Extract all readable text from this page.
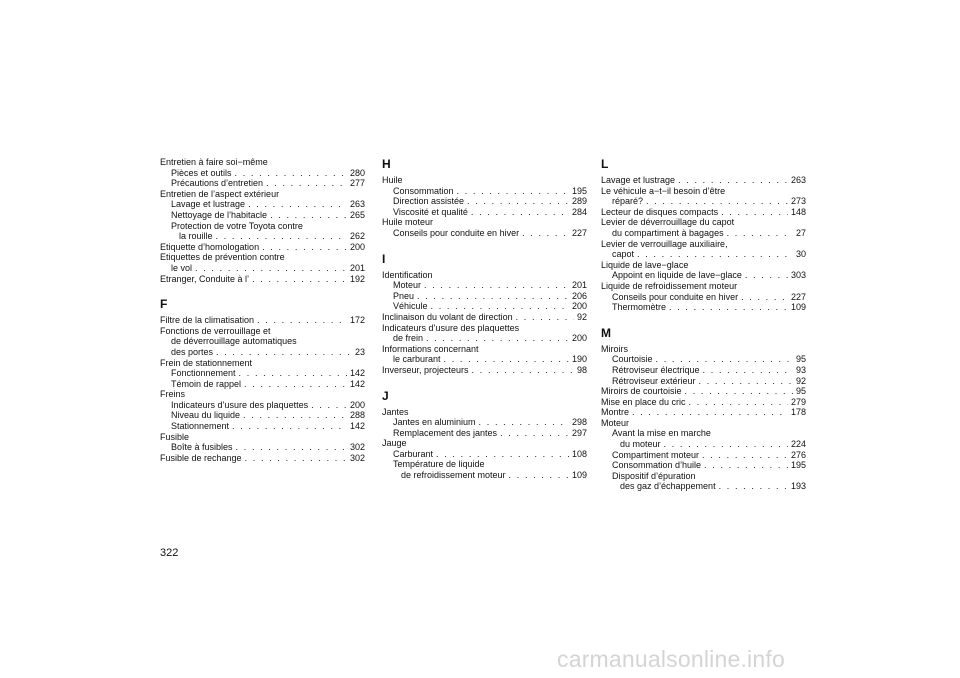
Entretien à faire soi−même
Pièces et outils . . .	280
Précautions d’entretien . . .	277
Entretien de l’aspect extérieur
Lavage et lustrage . . .	263
Nettoyage de l’habitacle . . .	265
Protection de votre Toyota contre
la rouille . . .	262
Etiquette d’homologation . . .	200
Etiquettes de prévention contre
le vol . . .	201
Etranger, Conduite à l’ . . .	192
F
Filtre de la climatisation . . .	172
Fonctions de verrouillage et
de déverrouillage automatiques
des portes . . .	23
Frein de stationnement
Fonctionnement . . .	142
Témoin de rappel . . .	142
Freins
Indicateurs d’usure des plaquettes . . .	200
Niveau du liquide . . .	288
Stationnement . . .	142
Fusible
Boîte à fusibles . . .	302
Fusible de rechange . . .	302
H
Huile
Consommation . . .	195
Direction assistée . . .	289
Viscosité et qualité . . .	284
Huile moteur
Conseils pour conduite en hiver . . .	227
I
Identification
Moteur . . .	201
Pneu . . .	206
Véhicule . . .	200
Inclinaison du volant de direction . . .	92
Indicateurs d’usure des plaquettes
de frein . . .	200
Informations concernant
le carburant . . .	190
Inverseur, projecteurs . . .	98
J
Jantes
Jantes en aluminium . . .	298
Remplacement des jantes . . .	297
Jauge
Carburant . . .	108
Température de liquide
de refroidissement moteur . . .	109
L
Lavage et lustrage . . .	263
Le véhicule a−t−il besoin d’être
réparé? . . .	273
Lecteur de disques compacts . . .	148
Levier de déverrouillage du capot
du compartiment à bagages . . .	27
Levier de verrouillage auxiliaire,
capot . . .	30
Liquide de lave−glace
Appoint en liquide de lave−glace . . .	303
Liquide de refroidissement moteur
Conseils pour conduite en hiver . . .	227
Thermomètre . . .	109
M
Miroirs
Courtoisie . . .	95
Rétroviseur électrique . . .	93
Rétroviseur extérieur . . .	92
Miroirs de courtoisie . . .	95
Mise en place du cric . . .	279
Montre . . .	178
Moteur
Avant la mise en marche
du moteur . . .	224
Compartiment moteur . . .	276
Consommation d’huile . . .	195
Dispositif d’épuration
des gaz d’échappement . . .	193
322
carmanualsonline.info
